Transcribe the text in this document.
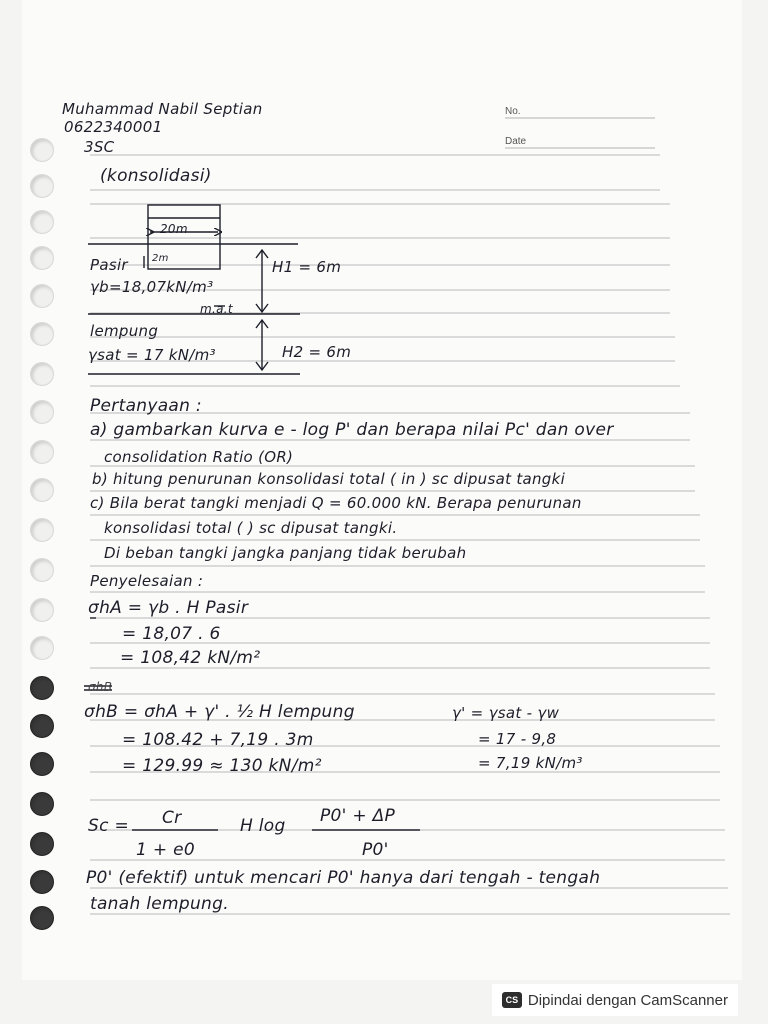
Muhammad Nabil Septian
0622340001
3SC
No.
Date
(konsolidasi)
20m
2m
Pasir
γb=18,07kN/m³
m.a.t
H1 = 6m
lempung
γsat = 17 kN/m³	H2 = 6m
Pertanyaan :
a) gambarkan kurva e - log P' dan berapa nilai Pc' dan over
consolidation Ratio (OR)
b) hitung penurunan konsolidasi total ( in ) sc dipusat tangki
c) Bila berat tangki menjadi Q = 60.000 kN. Berapa penurunan
konsolidasi total ( ) sc dipusat tangki.
Di beban tangki jangka panjang tidak berubah
Penyelesaian :
σhA = γb . H Pasir
= 18,07 . 6
= 108,42 kN/m²
σhB
σhB = σhA + γ' . ½ H lempung
= 108.42 + 7,19 . 3m
= 129.99 ≈ 130 kN/m²
γ' = γsat - γw
= 17 - 9,8
= 7,19 kN/m³
Sc = Cr
1 + e0
H log P0' + ΔP
P0'
P0' (efektif) untuk mencari P0' hanya dari tengah - tengah
tanah lempung.
CS Dipindai dengan CamScanner
